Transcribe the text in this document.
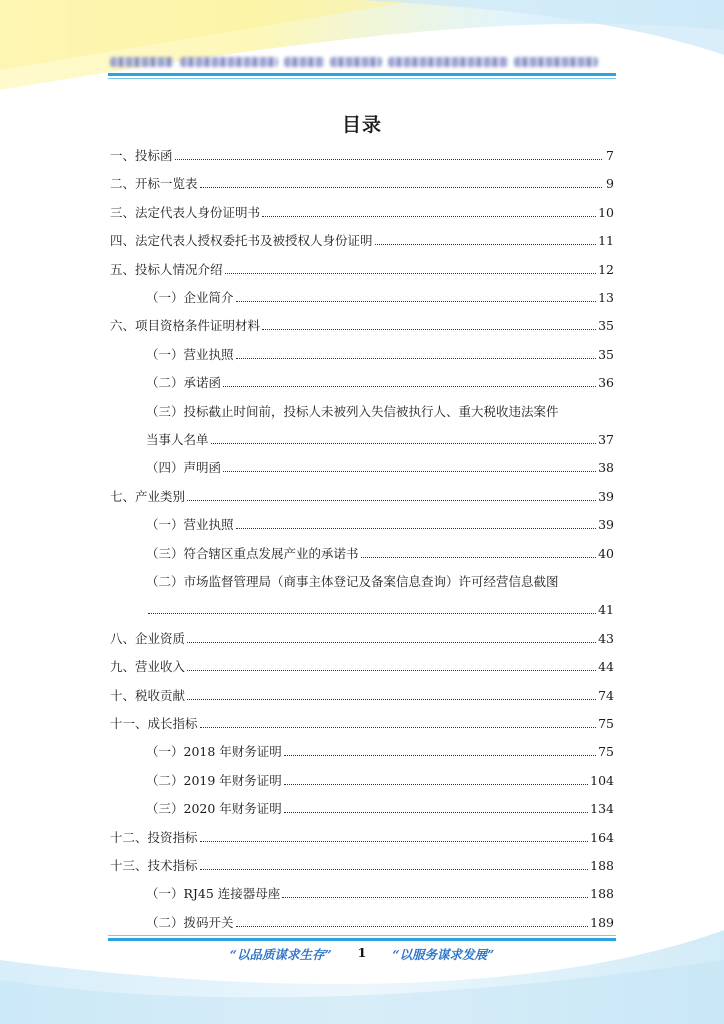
目录
一、投标函	7
二、开标一览表	9
三、法定代表人身份证明书	10
四、法定代表人授权委托书及被授权人身份证明	11
五、投标人情况介绍	12
（一）企业简介	13
六、项目资格条件证明材料	35
（一）营业执照	35
（二）承诺函	36
（三）投标截止时间前，投标人未被列入失信被执行人、重大税收违法案件
当事人名单	37
（四）声明函	38
七、产业类别	39
（一）营业执照	39
（三）符合辖区重点发展产业的承诺书	40
（二）市场监督管理局（商事主体登记及备案信息查询）许可经营信息截图
41
八、企业资质	43
九、营业收入	44
十、税收贡献	74
十一、成长指标	75
（一）2018 年财务证明	75
（二）2019 年财务证明	104
（三）2020 年财务证明	134
十二、投资指标	164
十三、技术指标	188
（一）RJ45 连接器母座	188
（二）拨码开关	189
“以品质谋求生存” 1 “以服务谋求发展”
